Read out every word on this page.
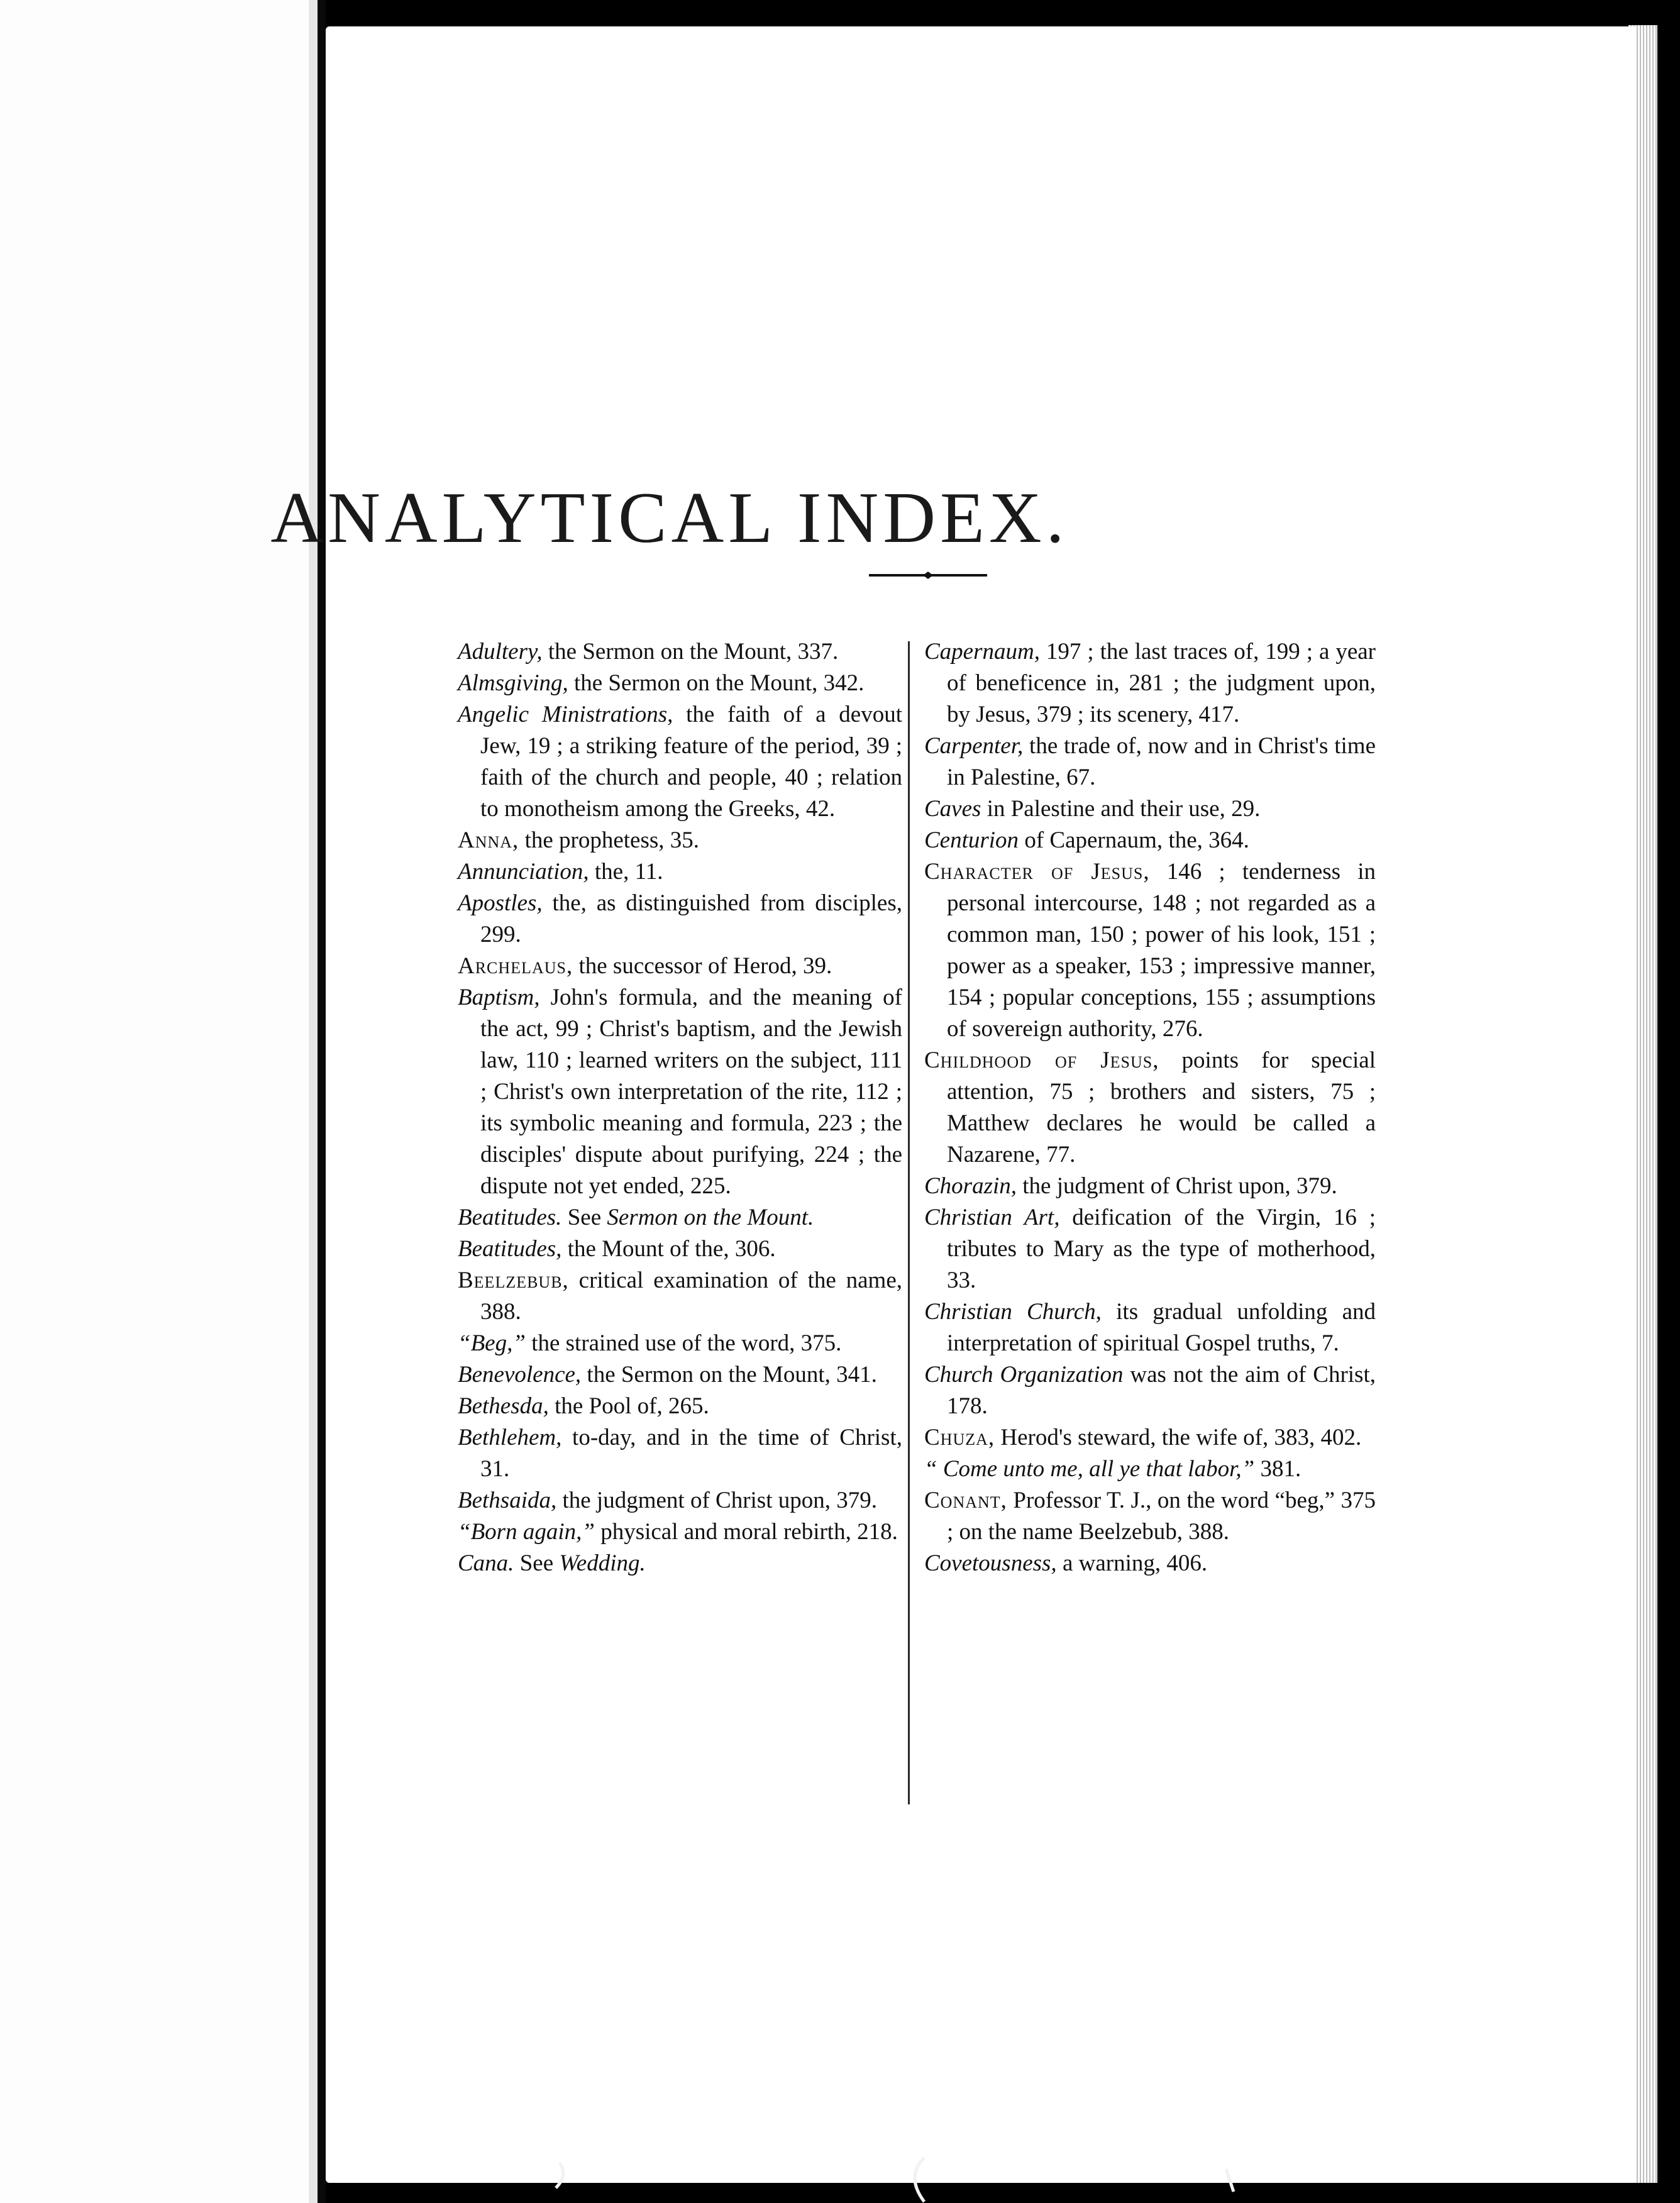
ANALYTICAL INDEX.

Adultery, the Sermon on the Mount, 337.

Almsgiving, the Sermon on the Mount, 342.

Angelic Ministrations, the faith of a devout Jew, 19 ; a striking feature of the period, 39 ; faith of the church and people, 40 ; relation to monotheism among the Greeks, 42.

Anna, the prophetess, 35.

Annunciation, the, 11.

Apostles, the, as distinguished from disciples, 299.

Archelaus, the successor of Herod, 39.

Baptism, John's formula, and the meaning of the act, 99 ; Christ's baptism, and the Jewish law, 110 ; learned writers on the subject, 111 ; Christ's own interpretation of the rite, 112 ; its symbolic meaning and formula, 223 ; the disciples' dispute about purifying, 224 ; the dispute not yet ended, 225.

Beatitudes. See Sermon on the Mount.

Beatitudes, the Mount of the, 306.

Beelzebub, critical examination of the name, 388.

“Beg,” the strained use of the word, 375.

Benevolence, the Sermon on the Mount, 341.

Bethesda, the Pool of, 265.

Bethlehem, to-day, and in the time of Christ, 31.

Bethsaida, the judgment of Christ upon, 379.

“Born again,” physical and moral rebirth, 218.

Cana. See Wedding.

Capernaum, 197 ; the last traces of, 199 ; a year of beneficence in, 281 ; the judgment upon, by Jesus, 379 ; its scenery, 417.

Carpenter, the trade of, now and in Christ's time in Palestine, 67.

Caves in Palestine and their use, 29.

Centurion of Capernaum, the, 364.

Character of Jesus, 146 ; tenderness in personal intercourse, 148 ; not regarded as a common man, 150 ; power of his look, 151 ; power as a speaker, 153 ; impressive manner, 154 ; popular conceptions, 155 ; assumptions of sovereign authority, 276.

Childhood of Jesus, points for special attention, 75 ; brothers and sisters, 75 ; Matthew declares he would be called a Nazarene, 77.

Chorazin, the judgment of Christ upon, 379.

Christian Art, deification of the Virgin, 16 ; tributes to Mary as the type of motherhood, 33.

Christian Church, its gradual unfolding and interpretation of spiritual Gospel truths, 7.

Church Organization was not the aim of Christ, 178.

Chuza, Herod's steward, the wife of, 383, 402.

“ Come unto me, all ye that labor,” 381.

Conant, Professor T. J., on the word “beg,” 375 ; on the name Beelzebub, 388.

Covetousness, a warning, 406.
